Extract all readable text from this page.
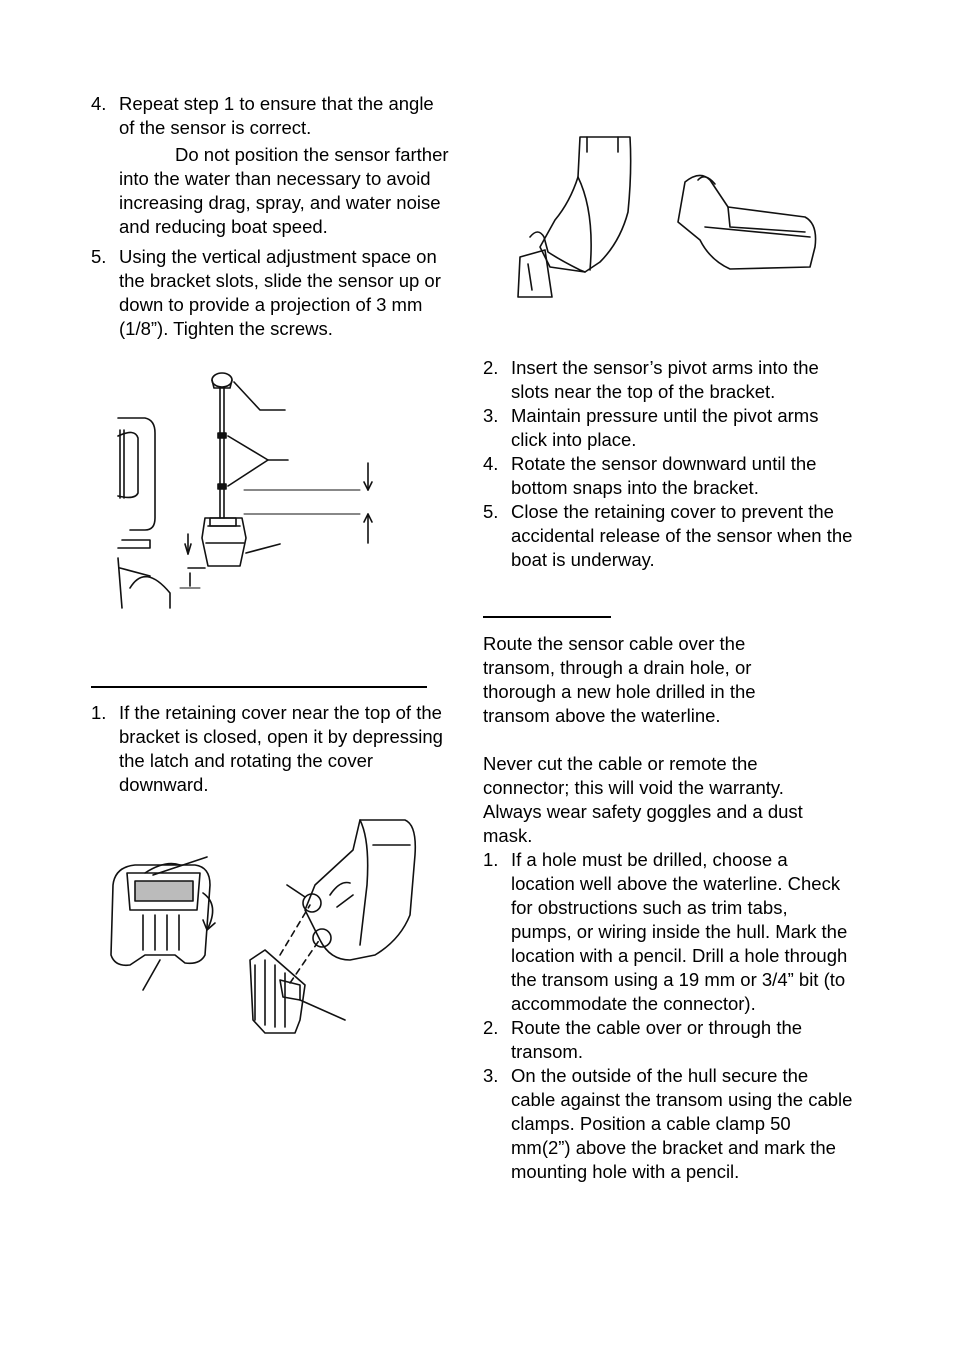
4. Repeat step 1 to ensure that the angle of the sensor is correct.
Do not position the sensor farther into the water than necessary to avoid increasing drag, spray, and water noise and reducing boat speed.
5. Using the vertical adjustment space on the bracket slots, slide the sensor up or down to provide a projection of 3 mm (1/8”). Tighten the screws.
1. If the retaining cover near the top of the bracket is closed, open it by depressing the latch and rotating the cover downward.
2. Insert the sensor’s pivot arms into the slots near the top of the bracket.
3. Maintain pressure until the pivot arms click into place.
4. Rotate the sensor downward until the bottom snaps into the bracket.
5. Close the retaining cover to prevent the accidental release of the sensor when the boat is underway.

Route the sensor cable over the transom, through a drain hole, or thorough a new hole drilled in the transom above the waterline.

Never cut the cable or remote the connector; this will void the warranty. Always wear safety goggles and a dust mask.

1. If a hole must be drilled, choose a location well above the waterline. Check for obstructions such as trim tabs, pumps, or wiring inside the hull. Mark the location with a pencil. Drill a hole through the transom using a 19 mm or 3/4” bit (to accommodate the connector).
2. Route the cable over or through the transom.
3. On the outside of the hull secure the cable against the transom using the cable clamps. Position a cable clamp 50 mm(2”) above the bracket and mark the mounting hole with a pencil.
